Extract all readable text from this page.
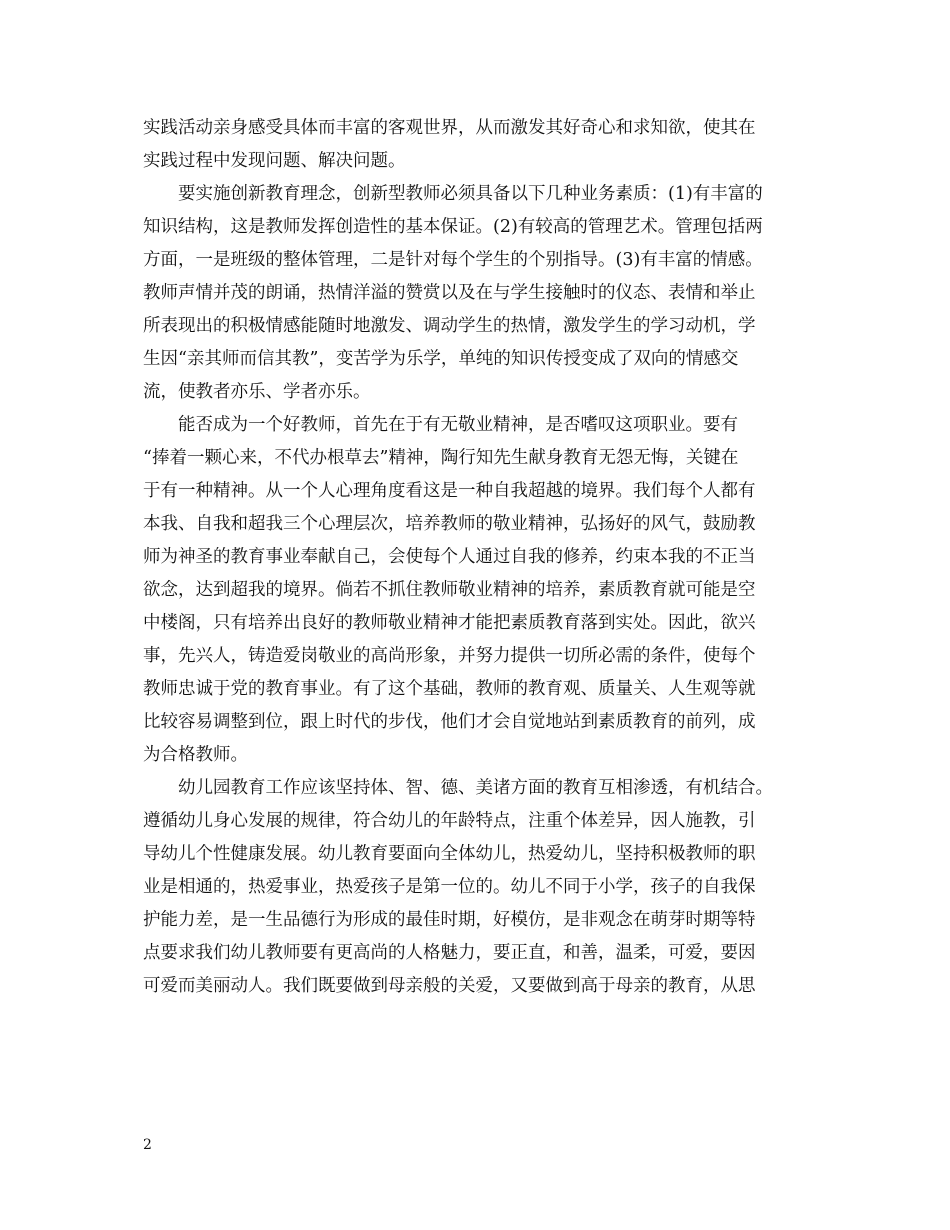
实践活动亲身感受具体而丰富的客观世界，从而激发其好奇心和求知欲，使其在

实践过程中发现问题、解决问题。

要实施创新教育理念，创新型教师必须具备以下几种业务素质：(1)有丰富的

知识结构，这是教师发挥创造性的基本保证。(2)有较高的管理艺术。管理包括两

方面，一是班级的整体管理，二是针对每个学生的个别指导。(3)有丰富的情感。

教师声情并茂的朗诵，热情洋溢的赞赏以及在与学生接触时的仪态、表情和举止

所表现出的积极情感能随时地激发、调动学生的热情，激发学生的学习动机，学

生因“亲其师而信其教”，变苦学为乐学，单纯的知识传授变成了双向的情感交

流，使教者亦乐、学者亦乐。

能否成为一个好教师，首先在于有无敬业精神，是否嗜叹这项职业。要有

“捧着一颗心来，不代办根草去”精神，陶行知先生献身教育无怨无悔，关键在

于有一种精神。从一个人心理角度看这是一种自我超越的境界。我们每个人都有

本我、自我和超我三个心理层次，培养教师的敬业精神，弘扬好的风气，鼓励教

师为神圣的教育事业奉献自己，会使每个人通过自我的修养，约束本我的不正当

欲念，达到超我的境界。倘若不抓住教师敬业精神的培养，素质教育就可能是空

中楼阁，只有培养出良好的教师敬业精神才能把素质教育落到实处。因此，欲兴

事，先兴人，铸造爱岗敬业的高尚形象，并努力提供一切所必需的条件，使每个

教师忠诚于党的教育事业。有了这个基础，教师的教育观、质量关、人生观等就

比较容易调整到位，跟上时代的步伐，他们才会自觉地站到素质教育的前列，成

为合格教师。

幼儿园教育工作应该坚持体、智、德、美诸方面的教育互相渗透，有机结合。

遵循幼儿身心发展的规律，符合幼儿的年龄特点，注重个体差异，因人施教，引

导幼儿个性健康发展。幼儿教育要面向全体幼儿，热爱幼儿，坚持积极教师的职

业是相通的，热爱事业，热爱孩子是第一位的。幼儿不同于小学，孩子的自我保

护能力差，是一生品德行为形成的最佳时期，好模仿，是非观念在萌芽时期等特

点要求我们幼儿教师要有更高尚的人格魅力，要正直，和善，温柔，可爱，要因

可爱而美丽动人。我们既要做到母亲般的关爱，又要做到高于母亲的教育，从思

2
